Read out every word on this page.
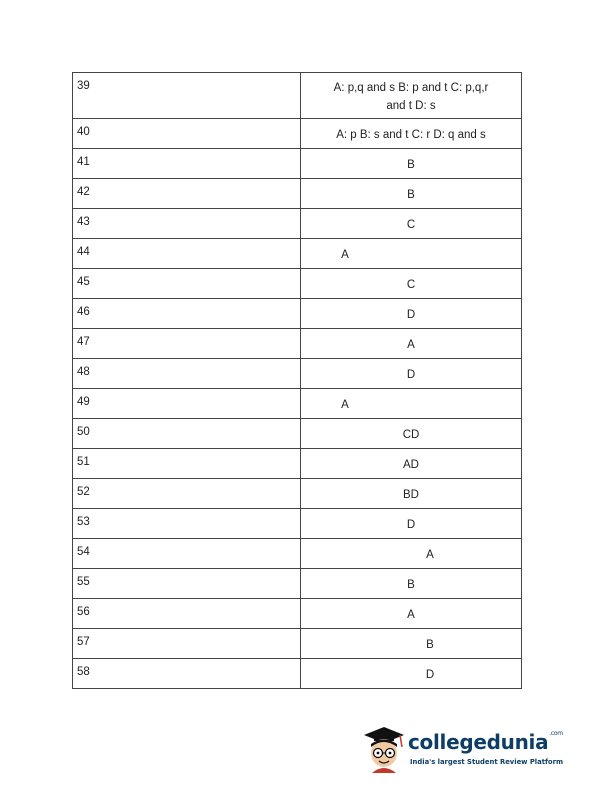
39	A: p,q and s B: p and t C: p,q,r
and t D: s
40	A: p B: s and t C: r D: q and s
41	B
42	B
43	C
44	A
45	C
46	D
47	A
48	D
49	A
50	CD
51	AD
52	BD
53	D
54	A
55	B
56	A
57	B
58	D
collegedunia$^{.com}$
India's largest Student Review Platform
